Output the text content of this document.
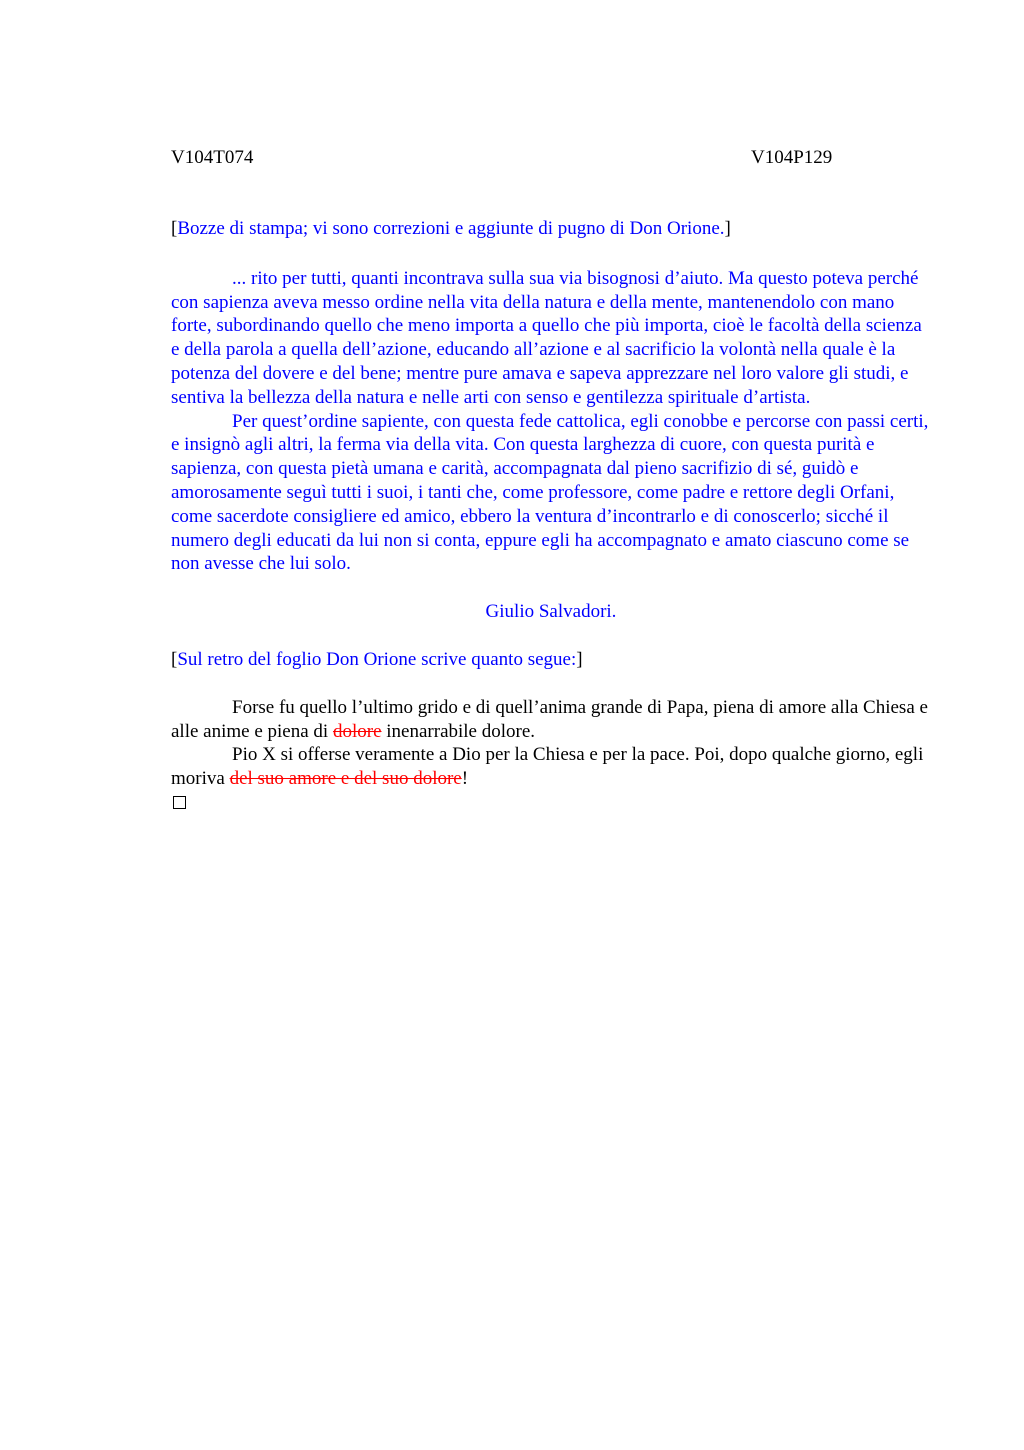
V104T074	V104P129

[Bozze di stampa; vi sono correzioni e aggiunte di pugno di Don Orione.]

... rito per tutti, quanti incontrava sulla sua via bisognosi d’aiuto. Ma questo poteva perché con sapienza aveva messo ordine nella vita della natura e della mente, mantenendolo con mano forte, subordinando quello che meno importa a quello che più importa, cioè le facoltà della scienza e della parola a quella dell’azione, educando all’azione e al sacrificio la volontà nella quale è la potenza del dovere e del bene; mentre pure amava e sapeva apprezzare nel loro valore gli studi, e sentiva la bellezza della natura e nelle arti con senso e gentilezza spirituale d’artista.

Per quest’ordine sapiente, con questa fede cattolica, egli conobbe e percorse con passi certi, e insignò agli altri, la ferma via della vita. Con questa larghezza di cuore, con questa purità e sapienza, con questa pietà umana e carità, accompagnata dal pieno sacrifizio di sé, guidò e amorosamente seguì tutti i suoi, i tanti che, come professore, come padre e rettore degli Orfani, come sacerdote consigliere ed amico, ebbero la ventura d’incontrarlo e di conoscerlo; sicché il numero degli educati da lui non si conta, eppure egli ha accompagnato e amato ciascuno come se non avesse che lui solo.

Giulio Salvadori.

[Sul retro del foglio Don Orione scrive quanto segue:]

Forse fu quello l’ultimo grido e di quell’anima grande di Papa, piena di amore alla Chiesa e alle anime e piena di dolore inenarrabile dolore.

Pio X si offerse veramente a Dio per la Chiesa e per la pace. Poi, dopo qualche giorno, egli moriva del suo amore e del suo dolore!
